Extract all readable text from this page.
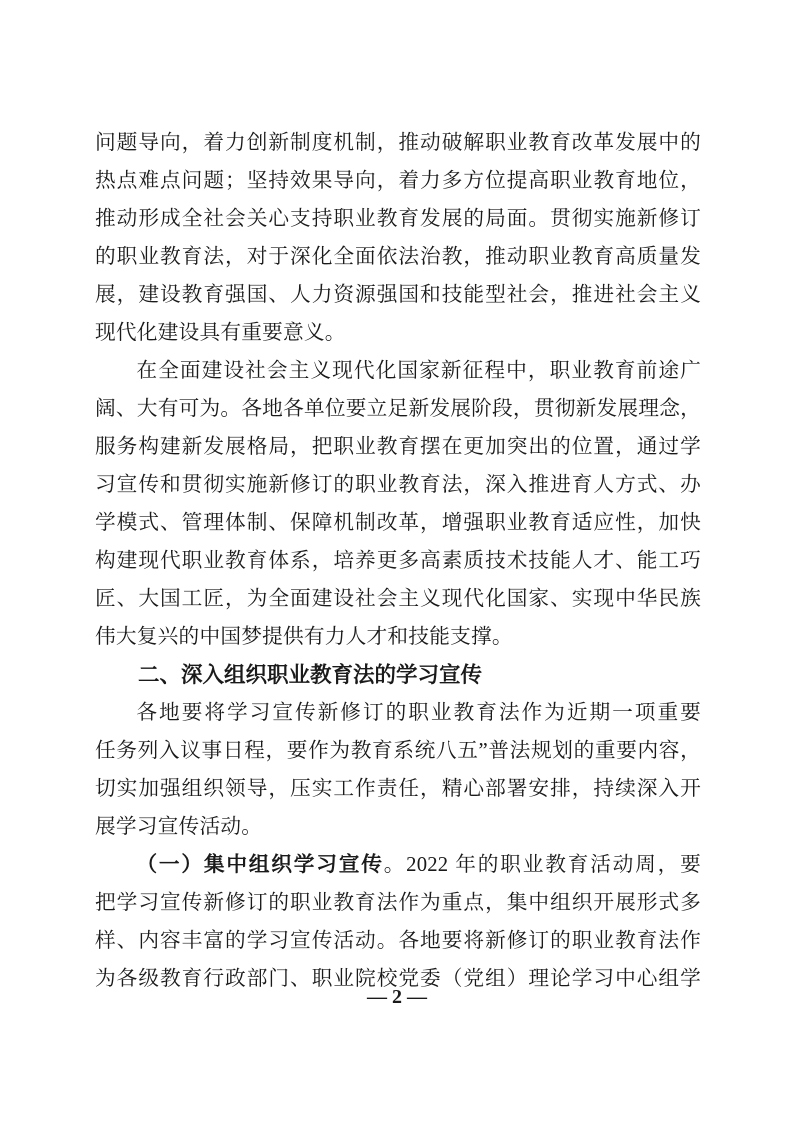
问题导向，着力创新制度机制，推动破解职业教育改革发展中的
热点难点问题；坚持效果导向，着力多方位提高职业教育地位，
推动形成全社会关心支持职业教育发展的局面。贯彻实施新修订
的职业教育法，对于深化全面依法治教，推动职业教育高质量发
展，建设教育强国、人力资源强国和技能型社会，推进社会主义
现代化建设具有重要意义。
在全面建设社会主义现代化国家新征程中，职业教育前途广
阔、大有可为。各地各单位要立足新发展阶段，贯彻新发展理念，
服务构建新发展格局，把职业教育摆在更加突出的位置，通过学
习宣传和贯彻实施新修订的职业教育法，深入推进育人方式、办
学模式、管理体制、保障机制改革，增强职业教育适应性，加快
构建现代职业教育体系，培养更多高素质技术技能人才、能工巧
匠、大国工匠，为全面建设社会主义现代化国家、实现中华民族
伟大复兴的中国梦提供有力人才和技能支撑。
二、深入组织职业教育法的学习宣传
各地要将学习宣传新修订的职业教育法作为近期一项重要
任务列入议事日程，要作为教育系统八五”普法规划的重要内容，
切实加强组织领导，压实工作责任，精心部署安排，持续深入开
展学习宣传活动。
（一）集中组织学习宣传。2022 年的职业教育活动周，要
把学习宣传新修订的职业教育法作为重点，集中组织开展形式多
样、内容丰富的学习宣传活动。各地要将新修订的职业教育法作
为各级教育行政部门、职业院校党委（党组）理论学习中心组学
— 2 —
